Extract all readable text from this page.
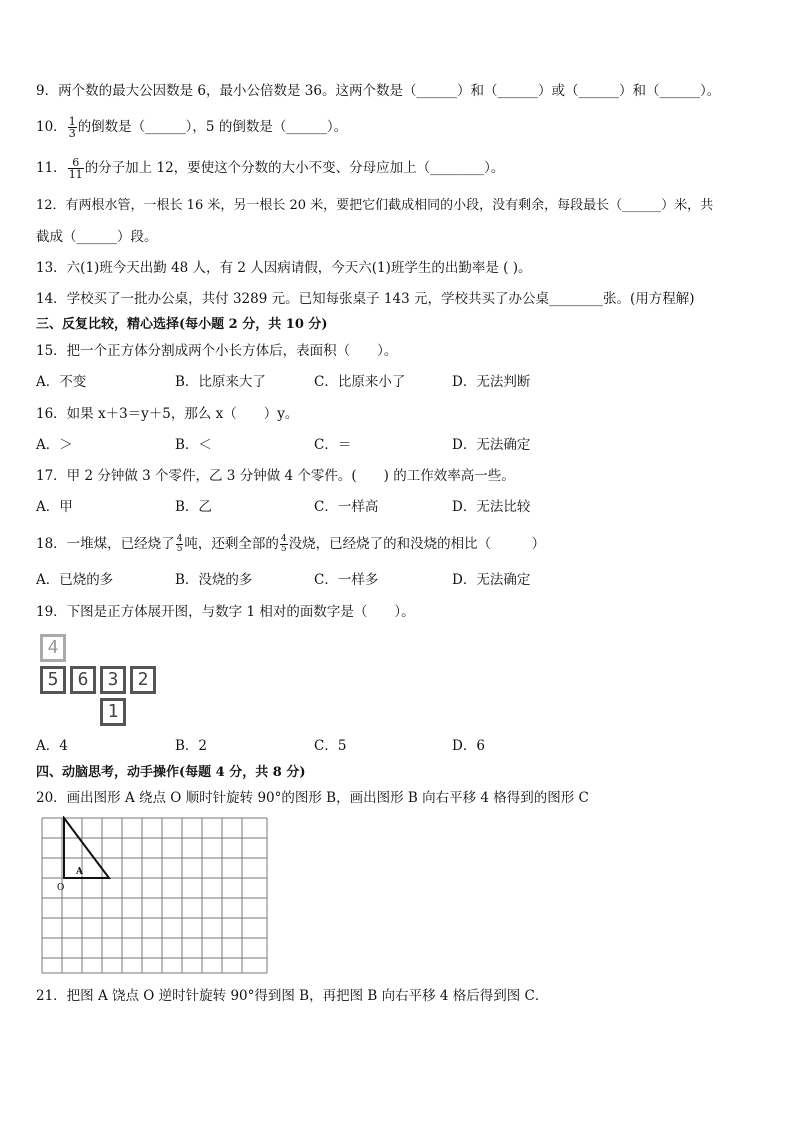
9．两个数的最大公因数是 6，最小公倍数是 36。这两个数是（______）和（______）或（______）和（______）。
10． $\frac{1}{3}$ 的倒数是（______），5 的倒数是（______）。
11． $\frac{6}{11}$ 的分子加上 12，要使这个分数的大小不变、分母应加上（________）。
12．有两根水管，一根长 16 米，另一根长 20 米，要把它们截成相同的小段，没有剩余，每段最长（______）米，共
截成（______）段。
13．六(1)班今天出勤 48 人，有 2 人因病请假，今天六(1)班学生的出勤率是 ( )。
14．学校买了一批办公桌，共付 3289 元。已知每张桌子 143 元，学校共买了办公桌________张。(用方程解)
三、反复比较，精心选择(每小题 2 分，共 10 分)
15．把一个正方体分割成两个小长方体后，表面积（　　）。
A．不变	B．比原来大了	C．比原来小了	D．无法判断
16．如果 x＋3＝y＋5，那么 x（　　）y。
A．＞	B．＜	C．＝	D．无法确定
17．甲 2 分钟做 3 个零件，乙 3 分钟做 4 个零件。(　　) 的工作效率高一些。
A．甲	B．乙	C．一样高	D．无法比较
18．一堆煤，已经烧了 $\frac{4}{5}$ 吨，还剩全部的 $\frac{4}{5}$ 没烧，已经烧了的和没烧的相比（　　　）
A．已烧的多	B．没烧的多	C．一样多	D．无法确定
19．下图是正方体展开图，与数字 1 相对的面数字是（　　）。
4
5	6	3	2
1
A．4	B．2	C．5	D．6
四、动脑思考，动手操作(每题 4 分，共 8 分)
20．画出图形 A 绕点 O 顺时针旋转 90°的图形 B，画出图形 B 向右平移 4 格得到的图形 C
A
O
21．把图 A 饶点 O 逆时针旋转 90°得到图 B，再把图 B 向右平移 4 格后得到图 C．
